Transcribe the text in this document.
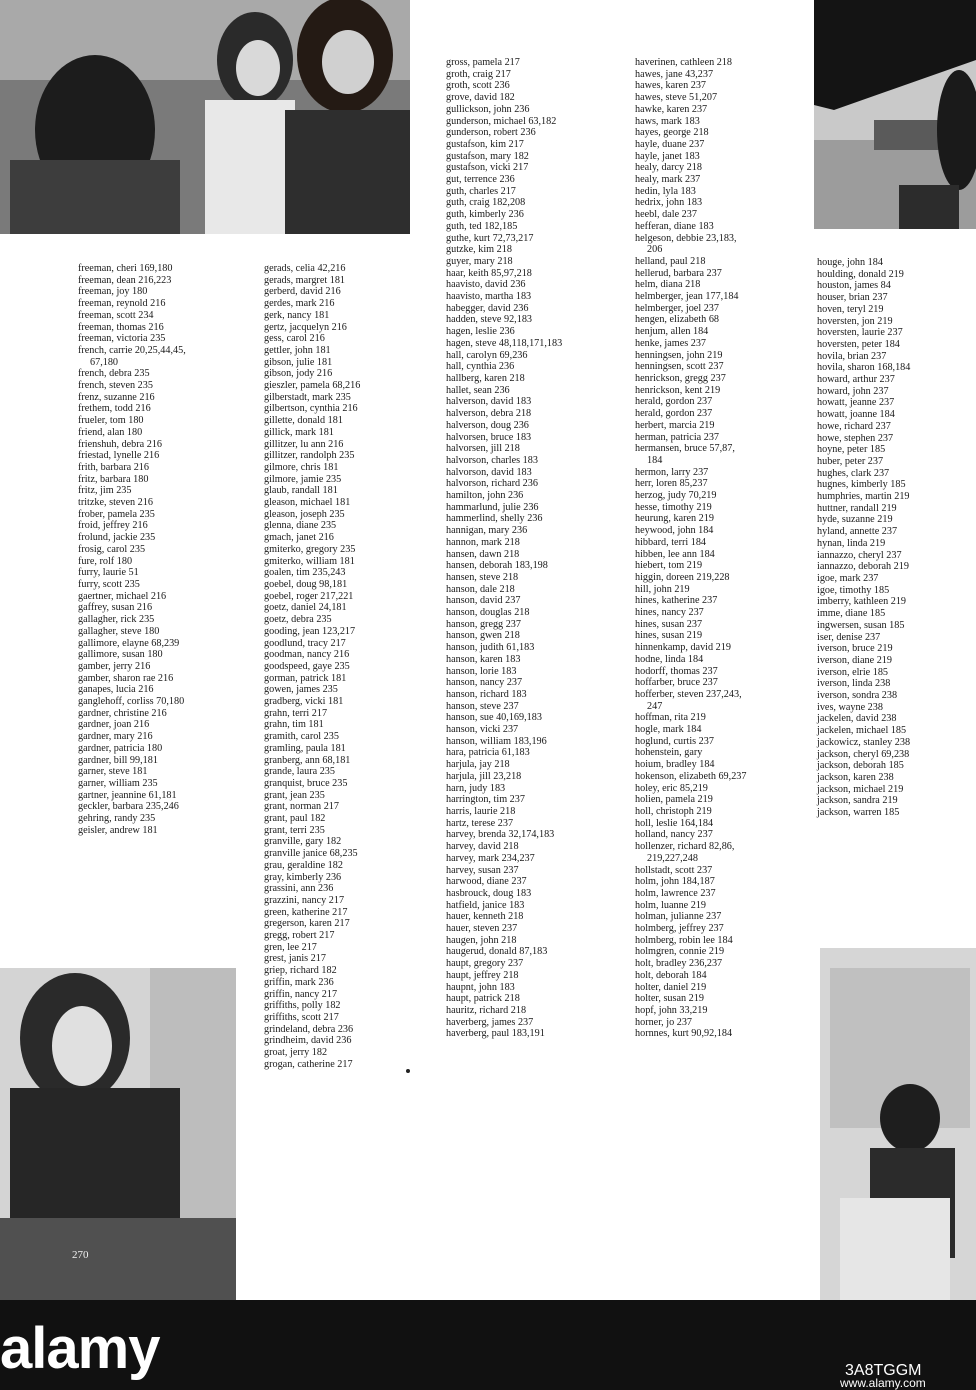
270
freeman, cheri 169,180
freeman, dean 216,223
freeman, joy 180
freeman, reynold 216
freeman, scott 234
freeman, thomas 216
freeman, victoria 235
french, carrie 20,25,44,45,
67,180
french, debra 235
french, steven 235
frenz, suzanne 216
frethem, todd 216
frueler, tom 180
friend, alan 180
frienshuh, debra 216
friestad, lynelle 216
frith, barbara 216
fritz, barbara 180
fritz, jim 235
tritzke, steven 216
frober, pamela 235
froid, jeffrey 216
frolund, jackie 235
frosig, carol 235
fure, rolf 180
furry, laurie 51
furry, scott 235
gaertner, michael 216
gaffrey, susan 216
gallagher, rick 235
gallagher, steve 180
gallimore, elayne 68,239
gallimore, susan 180
gamber, jerry 216
gamber, sharon rae 216
ganapes, lucia 216
ganglehoff, corliss 70,180
gardner, christine 216
gardner, joan 216
gardner, mary 216
gardner, patricia 180
gardner, bill 99,181
garner, steve 181
garner, william 235
gartner, jeannine 61,181
geckler, barbara 235,246
gehring, randy 235
geisler, andrew 181
gerads, celia 42,216
gerads, margret 181
gerberd, david 216
gerdes, mark 216
gerk, nancy 181
gertz, jacquelyn 216
gess, carol 216
gettler, john 181
gibson, julie 181
gibson, jody 216
gieszler, pamela 68,216
gilberstadt, mark 235
gilbertson, cynthia 216
gillette, donald 181
gillick, mark 181
gillitzer, lu ann 216
gillitzer, randolph 235
gilmore, chris 181
gilmore, jamie 235
glaub, randall 181
gleason, michael 181
gleason, joseph 235
glenna, diane 235
gmach, janet 216
gmiterko, gregory 235
gmiterko, william 181
goalen, tim 235,243
goebel, doug 98,181
goebel, roger 217,221
goetz, daniel 24,181
goetz, debra 235
gooding, jean 123,217
goodlund, tracy 217
goodman, nancy 216
goodspeed, gaye 235
gorman, patrick 181
gowen, james 235
gradberg, vicki 181
grahn, terri 217
grahn, tim 181
gramith, carol 235
gramling, paula 181
granberg, ann 68,181
grande, laura 235
granquist, bruce 235
grant, jean 235
grant, norman 217
grant, paul 182
grant, terri 235
granville, gary 182
granville janice 68,235
grau, geraldine 182
gray, kimberly 236
grassini, ann 236
grazzini, nancy 217
green, katherine 217
gregerson, karen 217
gregg, robert 217
gren, lee 217
grest, janis 217
griep, richard 182
griffin, mark 236
griffin, nancy 217
griffiths, polly 182
griffiths, scott 217
grindeland, debra 236
grindheim, david 236
groat, jerry 182
grogan, catherine 217
gross, pamela 217
groth, craig 217
groth, scott 236
grove, david 182
gullickson, john 236
gunderson, michael 63,182
gunderson, robert 236
gustafson, kim 217
gustafson, mary 182
gustafson, vicki 217
gut, terrence 236
guth, charles 217
guth, craig 182,208
guth, kimberly 236
guth, ted 182,185
guthe, kurt 72,73,217
gutzke, kim 218
guyer, mary 218
haar, keith 85,97,218
haavisto, david 236
haavisto, martha 183
habegger, david 236
hadden, steve 92,183
hagen, leslie 236
hagen, steve 48,118,171,183
hall, carolyn 69,236
hall, cynthia 236
hallberg, karen 218
hallet, sean 236
halverson, david 183
halverson, debra 218
halverson, doug 236
halvorsen, bruce 183
halvorsen, jill 218
halvorson, charles 183
halvorson, david 183
halvorson, richard 236
hamilton, john 236
hammarlund, julie 236
hammerlind, shelly 236
hannigan, mary 236
hannon, mark 218
hansen, dawn 218
hansen, deborah 183,198
hansen, steve 218
hanson, dale 218
hanson, david 237
hanson, douglas 218
hanson, gregg 237
hanson, gwen 218
hanson, judith 61,183
hanson, karen 183
hanson, lorie 183
hanson, nancy 237
hanson, richard 183
hanson, steve 237
hanson, sue 40,169,183
hanson, vicki 237
hanson, william 183,196
hara, patricia 61,183
harjula, jay 218
harjula, jill 23,218
harn, judy 183
harrington, tim 237
harris, laurie 218
hartz, terese 237
harvey, brenda 32,174,183
harvey, david 218
harvey, mark 234,237
harvey, susan 237
harwood, diane 237
hasbrouck, doug 183
hatfield, janice 183
hauer, kenneth 218
hauer, steven 237
haugen, john 218
haugerud, donald 87,183
haupt, gregory 237
haupt, jeffrey 218
haupnt, john 183
haupt, patrick 218
hauritz, richard 218
haverberg, james 237
haverberg, paul 183,191
haverinen, cathleen 218
hawes, jane 43,237
hawes, karen 237
hawes, steve 51,207
hawke, karen 237
haws, mark 183
hayes, george 218
hayle, duane 237
hayle, janet 183
healy, darcy 218
healy, mark 237
hedin, lyla 183
hedrix, john 183
heebl, dale 237
hefferan, diane 183
helgeson, debbie 23,183,
206
helland, paul 218
hellerud, barbara 237
helm, diana 218
helmberger, jean 177,184
helmberger, joel 237
hengen, elizabeth 68
henjum, allen 184
henke, james 237
henningsen, john 219
henningsen, scott 237
henrickson, gregg 237
henrickson, kent 219
herald, gordon 237
herald, gordon 237
herbert, marcia 219
herman, patricia 237
hermansen, bruce 57,87,
184
hermon, larry 237
herr, loren 85,237
herzog, judy 70,219
hesse, timothy 219
heurung, karen 219
heywood, john 184
hibbard, terri 184
hibben, lee ann 184
hiebert, tom 219
higgin, doreen 219,228
hill, john 219
hines, katherine 237
hines, nancy 237
hines, susan 237
hines, susan 219
hinnenkamp, david 219
hodne, linda 184
hodorff, thomas 237
hoffarber, bruce 237
hofferber, steven 237,243,
247
hoffman, rita 219
hogle, mark 184
hoglund, curtis 237
hohenstein, gary
hoium, bradley 184
hokenson, elizabeth 69,237
holey, eric 85,219
holien, pamela 219
holl, christoph 219
holl, leslie 164,184
holland, nancy 237
hollenzer, richard 82,86,
219,227,248
hollstadt, scott 237
holm, john 184,187
holm, lawrence 237
holm, luanne 219
holman, julianne 237
holmberg, jeffrey 237
holmberg, robin lee 184
holmgren, connie 219
holt, bradley 236,237
holt, deborah 184
holter, daniel 219
holter, susan 219
hopf, john 33,219
horner, jo 237
hornnes, kurt 90,92,184
houge, john 184
houlding, donald 219
houston, james 84
houser, brian 237
hoven, teryl 219
hoversten, jon 219
hoversten, laurie 237
hoversten, peter 184
hovila, brian 237
hovila, sharon 168,184
howard, arthur 237
howard, john 237
howatt, jeanne 237
howatt, joanne 184
howe, richard 237
howe, stephen 237
hoyne, peter 185
huber, peter 237
hughes, clark 237
hugnes, kimberly 185
humphries, martin 219
huttner, randall 219
hyde, suzanne 219
hyland, annette 237
hynan, linda 219
iannazzo, cheryl 237
iannazzo, deborah 219
igoe, mark 237
igoe, timothy 185
imberry, kathleen 219
imme, diane 185
ingwersen, susan 185
iser, denise 237
iverson, bruce 219
iverson, diane 219
iverson, elrie 185
iverson, linda 238
iverson, sondra 238
ives, wayne 238
jackelen, david 238
jackelen, michael 185
jackowicz, stanley 238
jackson, cheryl 69,238
jackson, deborah 185
jackson, karen 238
jackson, michael 219
jackson, sandra 219
jackson, warren 185
alamy	3A8TGGM
www.alamy.com
